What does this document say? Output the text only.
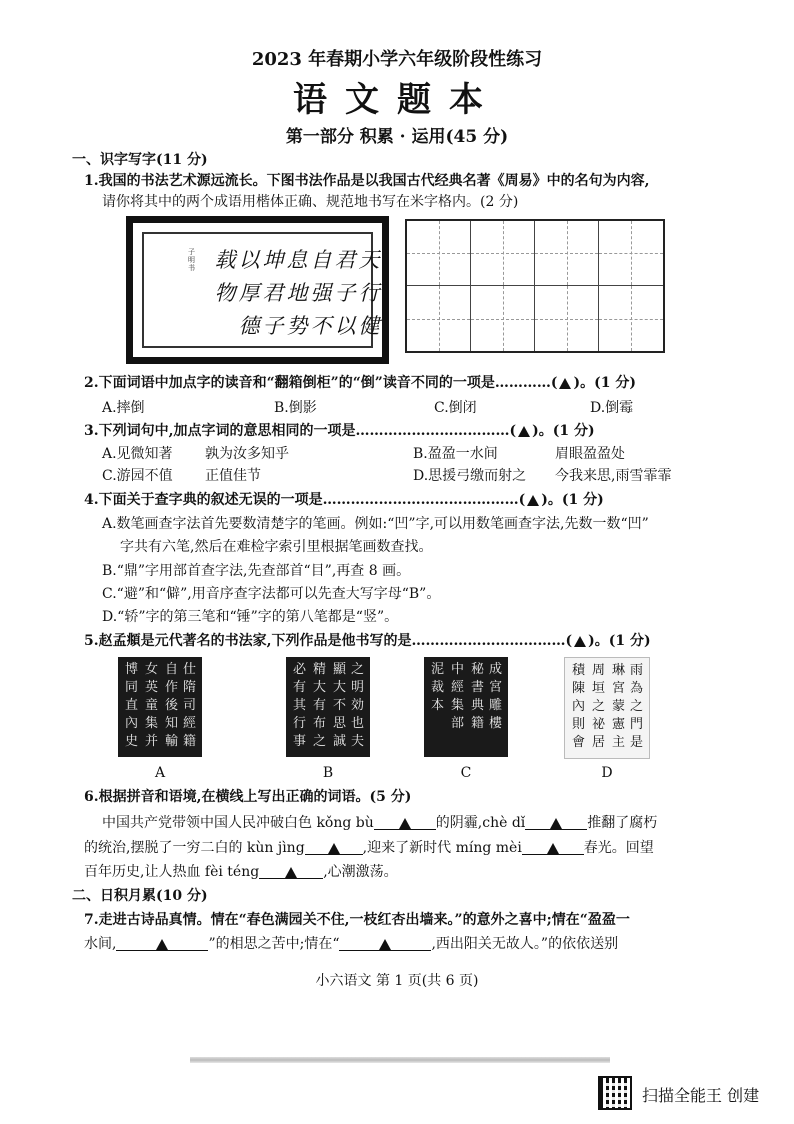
2023 年春期小学六年级阶段性练习
语文题本
第一部分 积累 · 运用(45 分)
一、识字写字(11 分)
1.我国的书法艺术源远流长。下图书法作品是以我国古代经典名著《周易》中的名句为内容,
请你将其中的两个成语用楷体正确、规范地书写在米字格内。(2 分)
天行健
君子以
自强不
息地势
坤君子
以厚德
载物
子明书
2.下面词语中加点字的读音和“翻箱倒柜”的“倒”读音不同的一项是…………( )。(1 分)
A.摔倒	B.倒影	C.倒闭	D.倒霉
3.下列词句中,加点字词的意思相同的一项是……………………………( )。(1 分)
A.见微知著 孰为汝多知乎	B.盈盈一水间	眉眼盈盈处
C.游园不值 正值佳节	D.思援弓缴而射之 今我来思,雨雪霏霏
4.下面关于查字典的叙述无误的一项是……………………………………( )。(1 分)
A.数笔画查字法首先要数清楚字的笔画。例如:“凹”字,可以用数笔画查字法,先数一数“凹”
字共有六笔,然后在难检字索引里根据笔画数查找。
B.“鼎”字用部首查字法,先查部首“目”,再查 8 画。
C.“避”和“僻”,用音序查字法都可以先查大写字母“B”。
D.“轿”字的第三笔和“锤”字的第八笔都是“竖”。
5.赵孟頫是元代著名的书法家,下列作品是他书写的是……………………………( )。(1 分)
仕隋司經籍
自作後知輸
女英童集并
博同直內史
之明効也夫
顯大不思誠
精大有布之
必有其行事
成宮雕樓
秘書典籍
中經集部
泥裁本
雨為之門是
琳宮蒙憲主
周垣之祕居
積陳內則會
A	B	C	D
6.根据拼音和语境,在横线上写出正确的词语。(5 分)
中国共产党带领中国人民冲破白色 kǒng bù	的阴霾,chè dǐ	推翻了腐朽
的统治,摆脱了一穷二白的 kùn jìng	,迎来了新时代 míng mèi	春光。回望
百年历史,让人热血 fèi téng	,心潮激荡。
二、日积月累(10 分)
7.走进古诗品真情。情在“春色满园关不住,一枝红杏出墙来。”的意外之喜中;情在“盈盈一
水间,	”的相思之苦中;情在“	,西出阳关无故人。”的依依送别
小六语文 第 1 页(共 6 页)
扫描全能王 创建
